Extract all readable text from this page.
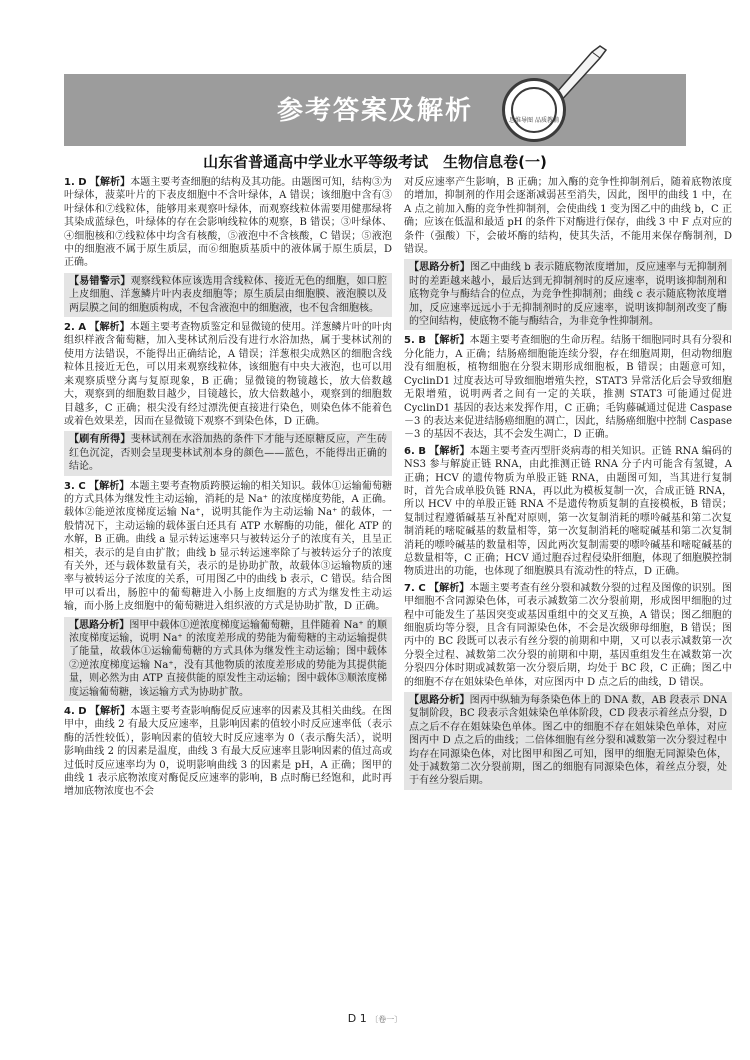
参考答案及解析	思维导图 品质教辅
山东省普通高中学业水平等级考试　生物信息卷(一)
1. D 【解析】本题主要考查细胞的结构及其功能。由题图可知，结构③为叶绿体，菠菜叶片的下表皮细胞中不含叶绿体，A 错误；该细胞中含有③叶绿体和⑦线粒体，能够用来观察叶绿体，而观察线粒体需要用健那绿将其染成蓝绿色，叶绿体的存在会影响线粒体的观察，B 错误；③叶绿体、④细胞核和⑦线粒体中均含有核酸，⑤液泡中不含核酸，C 错误；⑤液泡中的细胞液不属于原生质层，而⑥细胞质基质中的液体属于原生质层，D 正确。
【易错警示】观察线粒体应该选用含线粒体、接近无色的细胞，如口腔上皮细胞、洋葱鳞片叶内表皮细胞等；原生质层由细胞膜、液泡膜以及两层膜之间的细胞质构成，不包含液泡中的细胞液，也不包含细胞核。
2. A 【解析】本题主要考查物质鉴定和显微镜的使用。洋葱鳞片叶的叶肉组织样液含葡萄糖，加入斐林试剂后没有进行水浴加热，属于斐林试剂的使用方法错误，不能得出正确结论，A 错误；洋葱根尖成熟区的细胞含线粒体且接近无色，可以用来观察线粒体，该细胞有中央大液泡，也可以用来观察质壁分离与复原现象，B 正确；显微镜的物镜越长，放大倍数越大，观察到的细胞数目越少，目镜越长，放大倍数越小，观察到的细胞数目越多，C 正确；根尖没有经过漂洗便直接进行染色，则染色体不能着色或着色效果差，因而在显微镜下观察不到染色体，D 正确。
【刷有所得】斐林试剂在水浴加热的条件下才能与还原糖反应，产生砖红色沉淀，否则会呈现斐林试剂本身的颜色——蓝色，不能得出正确的结论。
3. C 【解析】本题主要考查物质跨膜运输的相关知识。载体①运输葡萄糖的方式具体为继发性主动运输，消耗的是 Na⁺ 的浓度梯度势能，A 正确。载体②能逆浓度梯度运输 Na⁺，说明其能作为主动运输 Na⁺ 的载体，一般情况下，主动运输的载体蛋白还具有 ATP 水解酶的功能，催化 ATP 的水解，B 正确。曲线 a 显示转运速率只与被转运分子的浓度有关，且呈正相关，表示的是自由扩散；曲线 b 显示转运速率除了与被转运分子的浓度有关外，还与载体数量有关，表示的是协助扩散，故载体③运输物质的速率与被转运分子浓度的关系，可用图乙中的曲线 b 表示，C 错误。结合图甲可以看出，肠腔中的葡萄糖进入小肠上皮细胞的方式为继发性主动运输，而小肠上皮细胞中的葡萄糖进入组织液的方式是协助扩散，D 正确。
【思路分析】图甲中载体①逆浓度梯度运输葡萄糖，且伴随着 Na⁺ 的顺浓度梯度运输，说明 Na⁺ 的浓度差形成的势能为葡萄糖的主动运输提供了能量，故载体①运输葡萄糖的方式具体为继发性主动运输；图中载体②逆浓度梯度运输 Na⁺，没有其他物质的浓度差形成的势能为其提供能量，则必然为由 ATP 直接供能的原发性主动运输；图中载体③顺浓度梯度运输葡萄糖，该运输方式为协助扩散。
4. D 【解析】本题主要考查影响酶促反应速率的因素及其相关曲线。在图甲中，曲线 2 有最大反应速率，且影响因素的值较小时反应速率低（表示酶的活性较低），影响因素的值较大时反应速率为 0（表示酶失活），说明影响曲线 2 的因素是温度，曲线 3 有最大反应速率且影响因素的值过高或过低时反应速率均为 0，说明影响曲线 3 的因素是 pH，A 正确；图甲的曲线 1 表示底物浓度对酶促反应速率的影响，B 点时酶已经饱和，此时再增加底物浓度也不会
对反应速率产生影响，B 正确；加入酶的竞争性抑制剂后，随着底物浓度的增加，抑制剂的作用会逐渐减弱甚至消失，因此，图甲的曲线 1 中，在 A 点之前加入酶的竞争性抑制剂，会使曲线 1 变为图乙中的曲线 b，C 正确；应该在低温和最适 pH 的条件下对酶进行保存，曲线 3 中 F 点对应的条件（强酸）下，会破坏酶的结构，使其失活，不能用来保存酶制剂，D 错误。
【思路分析】图乙中曲线 b 表示随底物浓度增加，反应速率与无抑制剂时的差距越来越小，最后达到无抑制剂时的反应速率，说明该抑制剂和底物竞争与酶结合的位点，为竞争性抑制剂；曲线 c 表示随底物浓度增加，反应速率远远小于无抑制剂时的反应速率，说明该抑制剂改变了酶的空间结构，使底物不能与酶结合，为非竞争性抑制剂。
5. B 【解析】本题主要考查细胞的生命历程。结肠干细胞同时具有分裂和分化能力，A 正确；结肠癌细胞能连续分裂，存在细胞周期，但动物细胞没有细胞板，植物细胞在分裂末期形成细胞板，B 错误；由题意可知，CyclinD1 过度表达可导致细胞增殖失控，STAT3 异常活化后会导致细胞无限增殖，说明两者之间有一定的关联，推测 STAT3 可能通过促进 CyclinD1 基因的表达来发挥作用，C 正确；毛钩藤碱通过促进 Caspase－3 的表达来促进结肠癌细胞的凋亡，因此，结肠癌细胞中控制 Caspase－3 的基因不表达，其不会发生凋亡，D 正确。
6. B 【解析】本题主要考查丙型肝炎病毒的相关知识。正链 RNA 编码的 NS3 参与解旋正链 RNA，由此推测正链 RNA 分子内可能含有氢键，A 正确；HCV 的遗传物质为单股正链 RNA，由题图可知，当其进行复制时，首先合成单股负链 RNA，再以此为模板复制一次，合成正链 RNA，所以 HCV 中的单股正链 RNA 不是遗传物质复制的直接模板，B 错误；复制过程遵循碱基互补配对原则，第一次复制消耗的嘌呤碱基和第二次复制消耗的嘧啶碱基的数量相等，第一次复制消耗的嘧啶碱基和第二次复制消耗的嘌呤碱基的数量相等，因此两次复制需要的嘌呤碱基和嘧啶碱基的总数量相等，C 正确；HCV 通过胞吞过程侵染肝细胞，体现了细胞膜控制物质进出的功能，也体现了细胞膜具有流动性的特点，D 正确。
7. C 【解析】本题主要考查有丝分裂和减数分裂的过程及图像的识别。图甲细胞不含同源染色体，可表示减数第二次分裂前期，形成图甲细胞的过程中可能发生了基因突变或基因重组中的交叉互换，A 错误；图乙细胞的细胞质均等分裂，且含有同源染色体，不会是次级卵母细胞，B 错误；图丙中的 BC 段既可以表示有丝分裂的前期和中期，又可以表示减数第一次分裂全过程、减数第二次分裂的前期和中期，基因重组发生在减数第一次分裂四分体时期或减数第一次分裂后期，均处于 BC 段，C 正确；图乙中的细胞不存在姐妹染色单体，对应图丙中 D 点之后的曲线，D 错误。
【思路分析】图丙中纵轴为每条染色体上的 DNA 数，AB 段表示 DNA 复制阶段，BC 段表示含姐妹染色单体阶段，CD 段表示着丝点分裂，D 点之后不存在姐妹染色单体。图乙中的细胞不存在姐妹染色单体，对应图丙中 D 点之后的曲线；二倍体细胞有丝分裂和减数第一次分裂过程中均存在同源染色体，对比图甲和图乙可知，图甲的细胞无同源染色体，处于减数第二次分裂前期，图乙的细胞有同源染色体，着丝点分裂，处于有丝分裂后期。
D 1 〔卷一〕
